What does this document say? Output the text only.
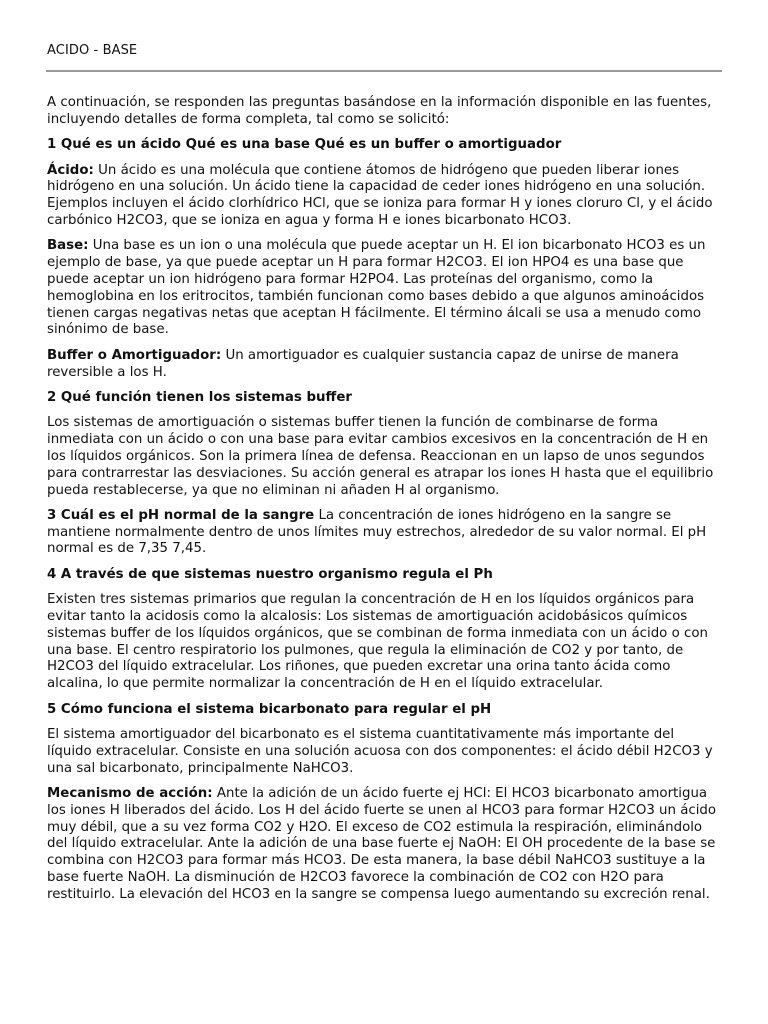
ACIDO - BASE

A continuación, se responden las preguntas basándose en la información disponible en las fuentes, incluyendo detalles de forma completa, tal como se solicitó:

1 Qué es un ácido Qué es una base Qué es un buffer o amortiguador

Ácido: Un ácido es una molécula que contiene átomos de hidrógeno que pueden liberar iones hidrógeno en una solución. Un ácido tiene la capacidad de ceder iones hidrógeno en una solución. Ejemplos incluyen el ácido clorhídrico HCl, que se ioniza para formar H y iones cloruro Cl, y el ácido carbónico H2CO3, que se ioniza en agua y forma H e iones bicarbonato HCO3.

Base: Una base es un ion o una molécula que puede aceptar un H. El ion bicarbonato HCO3 es un ejemplo de base, ya que puede aceptar un H para formar H2CO3. El ion HPO4 es una base que puede aceptar un ion hidrógeno para formar H2PO4. Las proteínas del organismo, como la hemoglobina en los eritrocitos, también funcionan como bases debido a que algunos aminoácidos tienen cargas negativas netas que aceptan H fácilmente. El término álcali se usa a menudo como sinónimo de base.

Buffer o Amortiguador: Un amortiguador es cualquier sustancia capaz de unirse de manera reversible a los H.

2 Qué función tienen los sistemas buffer

Los sistemas de amortiguación o sistemas buffer tienen la función de combinarse de forma inmediata con un ácido o con una base para evitar cambios excesivos en la concentración de H en los líquidos orgánicos. Son la primera línea de defensa. Reaccionan en un lapso de unos segundos para contrarrestar las desviaciones. Su acción general es atrapar los iones H hasta que el equilibrio pueda restablecerse, ya que no eliminan ni añaden H al organismo.

3 Cuál es el pH normal de la sangre La concentración de iones hidrógeno en la sangre se mantiene normalmente dentro de unos límites muy estrechos, alrededor de su valor normal. El pH normal es de 7,35 7,45.

4 A través de que sistemas nuestro organismo regula el Ph

Existen tres sistemas primarios que regulan la concentración de H en los líquidos orgánicos para evitar tanto la acidosis como la alcalosis: Los sistemas de amortiguación acidobásicos químicos sistemas buffer de los líquidos orgánicos, que se combinan de forma inmediata con un ácido o con una base. El centro respiratorio los pulmones, que regula la eliminación de CO2 y por tanto, de H2CO3 del líquido extracelular. Los riñones, que pueden excretar una orina tanto ácida como alcalina, lo que permite normalizar la concentración de H en el líquido extracelular.

5 Cómo funciona el sistema bicarbonato para regular el pH

El sistema amortiguador del bicarbonato es el sistema cuantitativamente más importante del líquido extracelular. Consiste en una solución acuosa con dos componentes: el ácido débil H2CO3 y una sal bicarbonato, principalmente NaHCO3.

Mecanismo de acción: Ante la adición de un ácido fuerte ej HCl: El HCO3 bicarbonato amortigua los iones H liberados del ácido. Los H del ácido fuerte se unen al HCO3 para formar H2CO3 un ácido muy débil, que a su vez forma CO2 y H2O. El exceso de CO2 estimula la respiración, eliminándolo del líquido extracelular. Ante la adición de una base fuerte ej NaOH: El OH procedente de la base se combina con H2CO3 para formar más HCO3. De esta manera, la base débil NaHCO3 sustituye a la base fuerte NaOH. La disminución de H2CO3 favorece la combinación de CO2 con H2O para restituirlo. La elevación del HCO3 en la sangre se compensa luego aumentando su excreción renal.
